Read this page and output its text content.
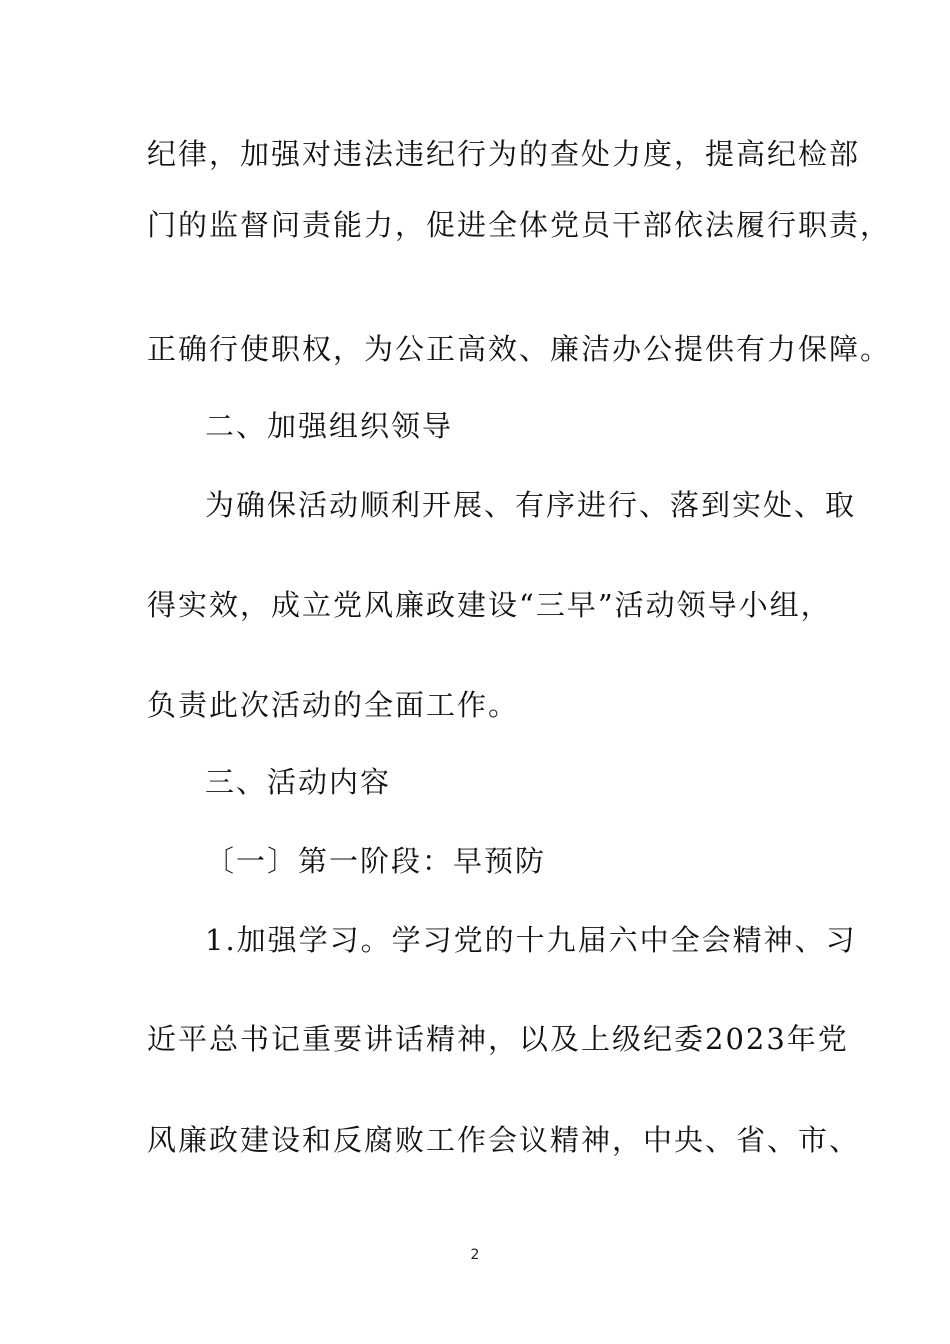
纪律，加强对违法违纪行为的查处力度，提高纪检部
门的监督问责能力，促进全体党员干部依法履行职责，
正确行使职权，为公正高效、廉洁办公提供有力保障。
二、加强组织领导
为确保活动顺利开展、有序进行、落到实处、取
得实效，成立党风廉政建设“三早”活动领导小组，
负责此次活动的全面工作。
三、活动内容
〔一〕第一阶段：早预防
1.加强学习。学习党的十九届六中全会精神、习
近平总书记重要讲话精神，以及上级纪委2023年党
风廉政建设和反腐败工作会议精神，中央、省、市、
2
